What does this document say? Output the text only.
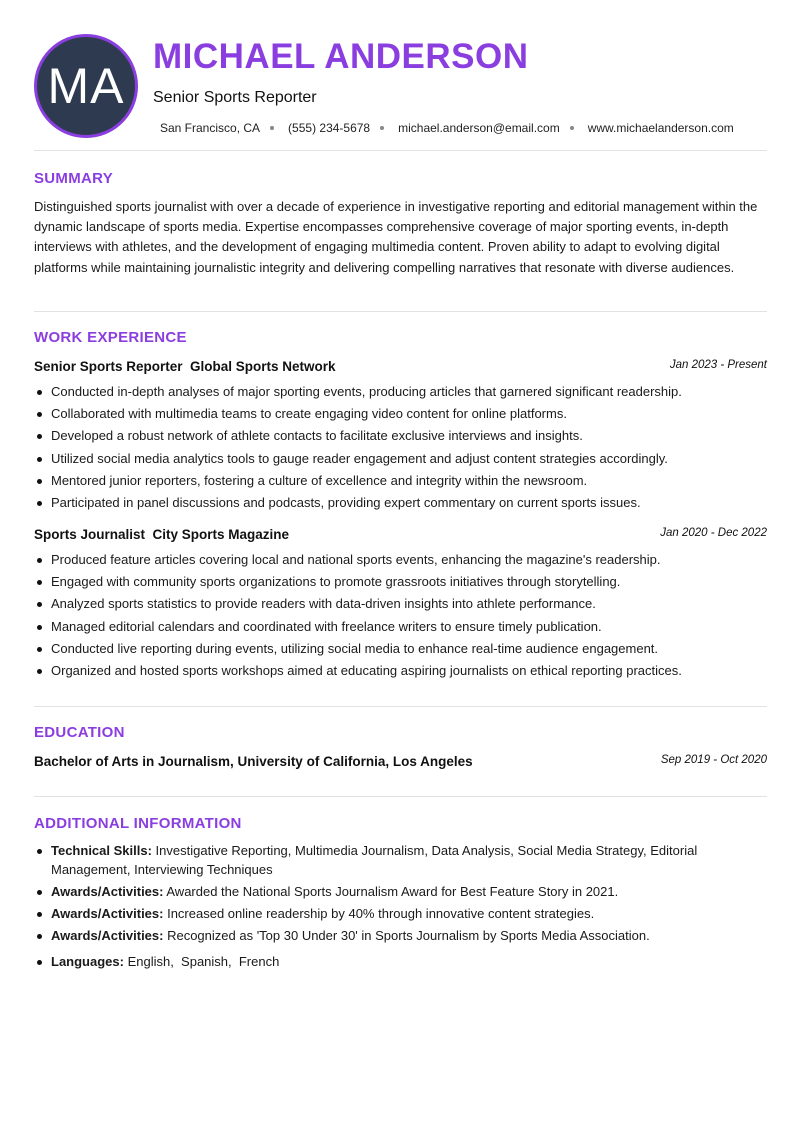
MA
MICHAEL ANDERSON
Senior Sports Reporter
San Francisco, CA (555) 234-5678 michael.anderson@email.com www.michaelanderson.com
SUMMARY
Distinguished sports journalist with over a decade of experience in investigative reporting and editorial management within the dynamic landscape of sports media. Expertise encompasses comprehensive coverage of major sporting events, in-depth interviews with athletes, and the development of engaging multimedia content. Proven ability to adapt to evolving digital platforms while maintaining journalistic integrity and delivering compelling narratives that resonate with diverse audiences.
WORK EXPERIENCE
Senior Sports Reporter  Global Sports Network	Jan 2023 - Present
Conducted in-depth analyses of major sporting events, producing articles that garnered significant readership.
Collaborated with multimedia teams to create engaging video content for online platforms.
Developed a robust network of athlete contacts to facilitate exclusive interviews and insights.
Utilized social media analytics tools to gauge reader engagement and adjust content strategies accordingly.
Mentored junior reporters, fostering a culture of excellence and integrity within the newsroom.
Participated in panel discussions and podcasts, providing expert commentary on current sports issues.
Sports Journalist  City Sports Magazine	Jan 2020 - Dec 2022
Produced feature articles covering local and national sports events, enhancing the magazine's readership.
Engaged with community sports organizations to promote grassroots initiatives through storytelling.
Analyzed sports statistics to provide readers with data-driven insights into athlete performance.
Managed editorial calendars and coordinated with freelance writers to ensure timely publication.
Conducted live reporting during events, utilizing social media to enhance real-time audience engagement.
Organized and hosted sports workshops aimed at educating aspiring journalists on ethical reporting practices.
EDUCATION
Bachelor of Arts in Journalism, University of California, Los Angeles	Sep 2019 - Oct 2020
ADDITIONAL INFORMATION
Technical Skills: Investigative Reporting, Multimedia Journalism, Data Analysis, Social Media Strategy, Editorial Management, Interviewing Techniques
Awards/Activities: Awarded the National Sports Journalism Award for Best Feature Story in 2021.
Awards/Activities: Increased online readership by 40% through innovative content strategies.
Awards/Activities: Recognized as 'Top 30 Under 30' in Sports Journalism by Sports Media Association.
Languages: English,  Spanish,  French
